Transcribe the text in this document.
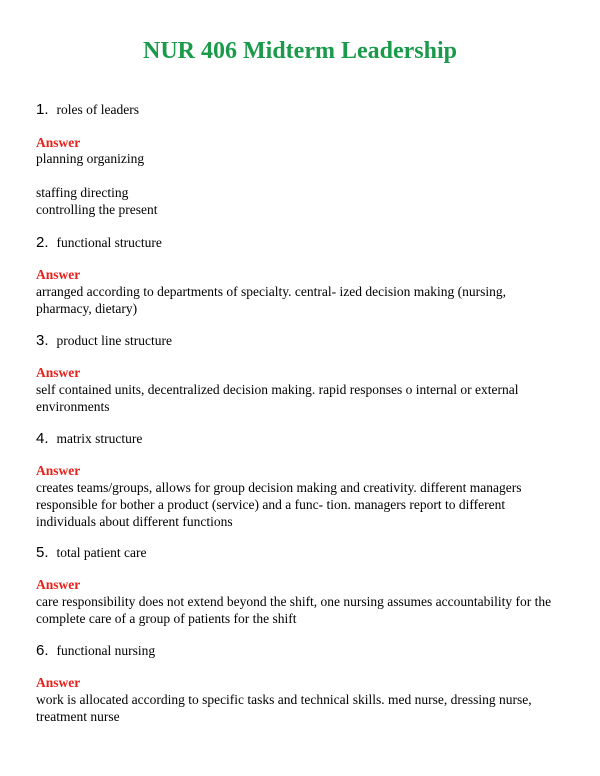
NUR 406 Midterm Leadership
1. roles of leaders
Answer
planning organizing

staffing directing
controlling the present
2. functional structure
Answer
arranged according to departments of specialty. central- ized decision making (nursing,
pharmacy, dietary)
3. product line structure
Answer
self contained units, decentralized decision making. rapid responses o internal or external
environments
4. matrix structure
Answer
creates teams/groups, allows for group decision making and creativity. different managers
responsible for bother a product (service) and a func- tion. managers report to different
individuals about different functions
5. total patient care
Answer
care responsibility does not extend beyond the shift, one nursing assumes accountability for the
complete care of a group of patients for the shift
6. functional nursing
Answer
work is allocated according to specific tasks and technical skills. med nurse, dressing nurse,
treatment nurse
